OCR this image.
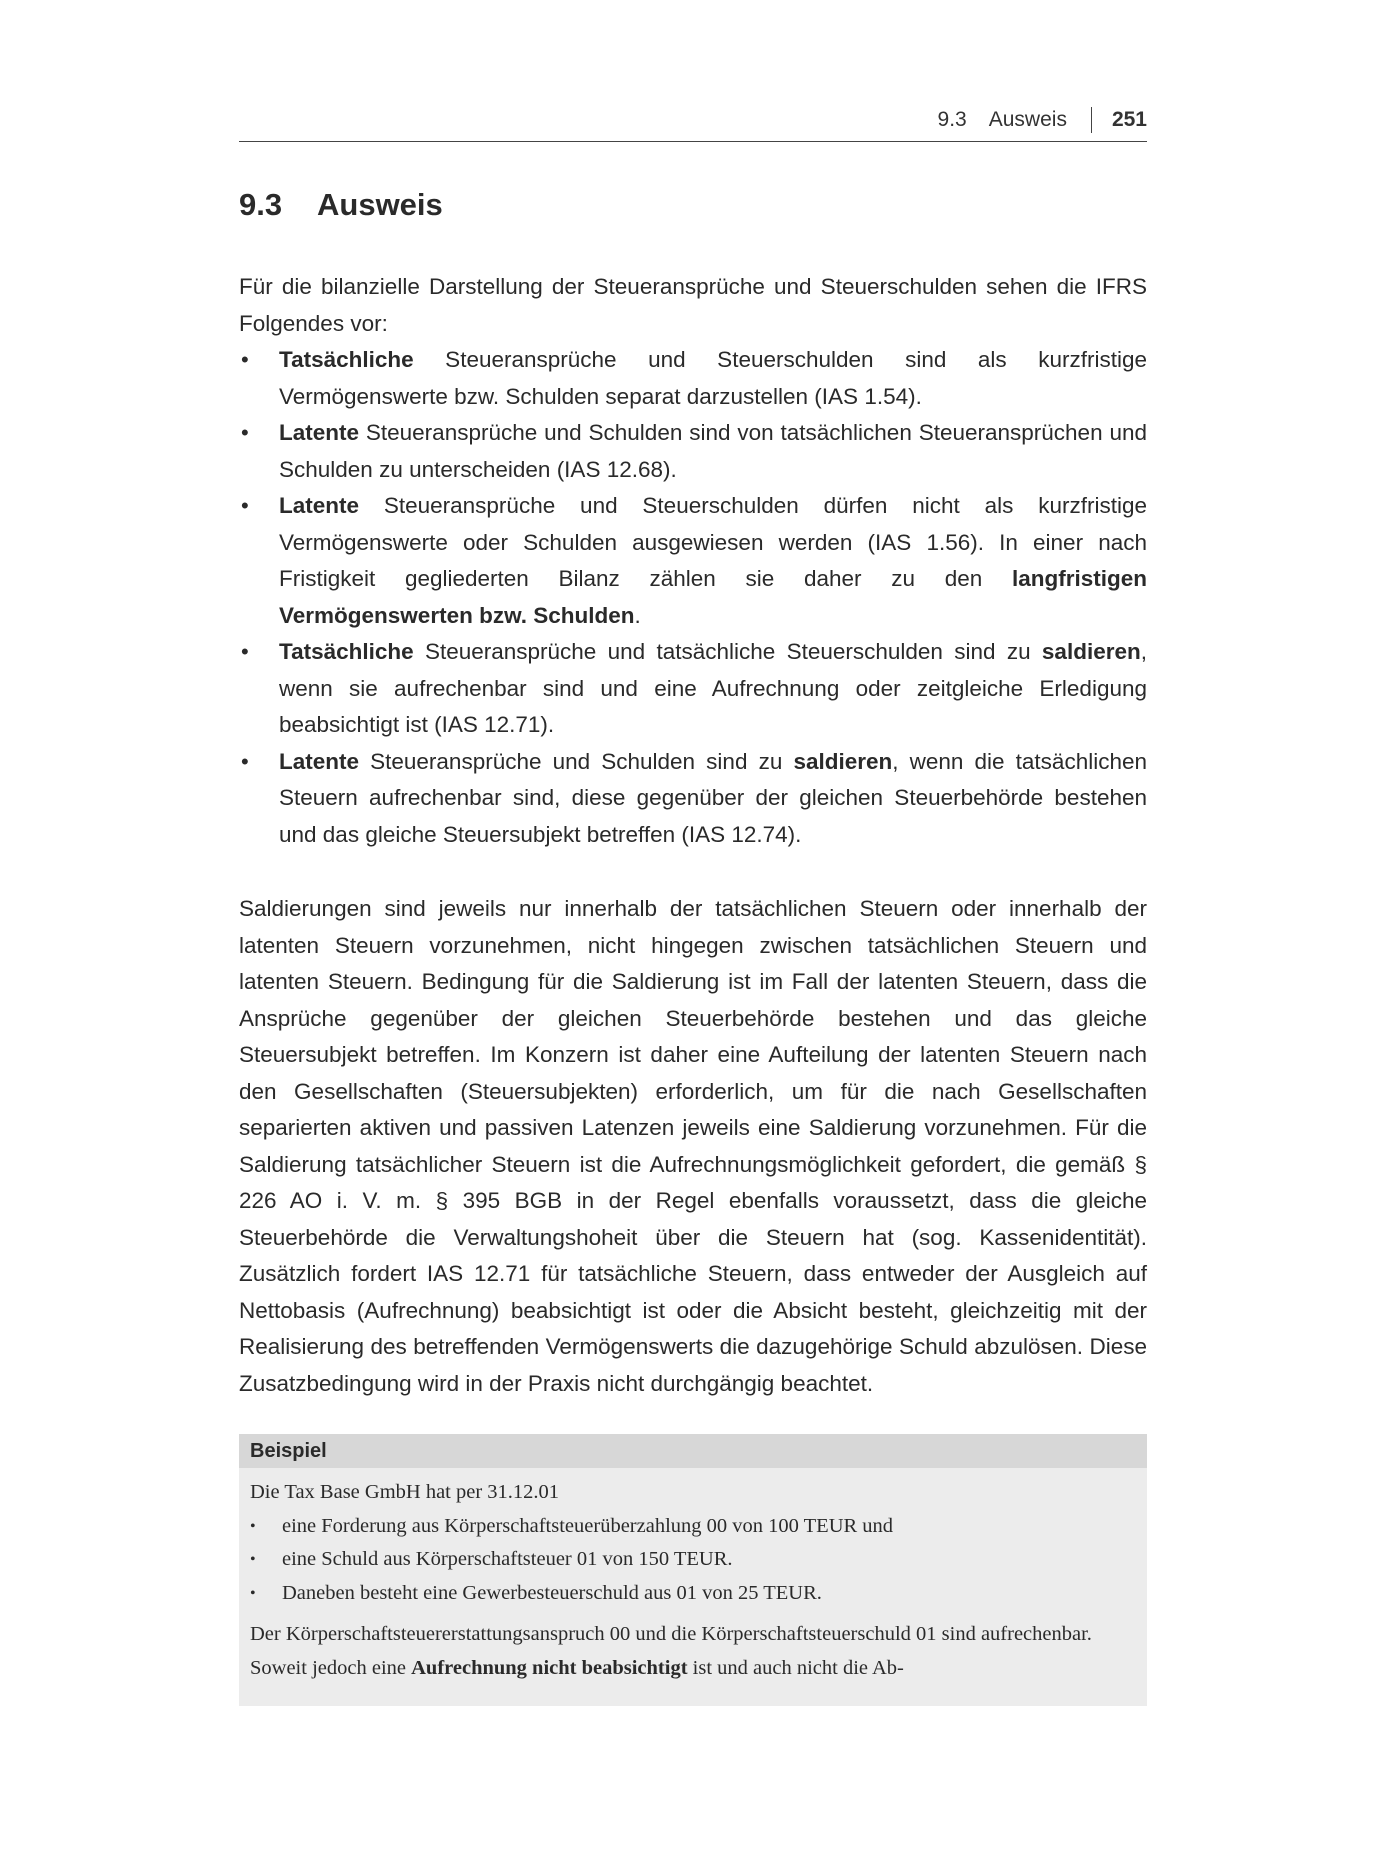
9.3 Ausweis 251
9.3 Ausweis

Für die bilanzielle Darstellung der Steueransprüche und Steuerschulden sehen die IFRS Folgendes vor:

• Tatsächliche Steueransprüche und Steuerschulden sind als kurzfristige Vermögenswerte bzw. Schulden separat darzustellen (IAS 1.54).
• Latente Steueransprüche und Schulden sind von tatsächlichen Steueransprüchen und Schulden zu unterscheiden (IAS 12.68).
• Latente Steueransprüche und Steuerschulden dürfen nicht als kurzfristige Vermögenswerte oder Schulden ausgewiesen werden (IAS 1.56). In einer nach Fristigkeit gegliederten Bilanz zählen sie daher zu den langfristigen Vermögenswerten bzw. Schulden.
• Tatsächliche Steueransprüche und tatsächliche Steuerschulden sind zu saldieren, wenn sie aufrechenbar sind und eine Aufrechnung oder zeitgleiche Erledigung beabsichtigt ist (IAS 12.71).
• Latente Steueransprüche und Schulden sind zu saldieren, wenn die tatsächlichen Steuern aufrechenbar sind, diese gegenüber der gleichen Steuerbehörde bestehen und das gleiche Steuersubjekt betreffen (IAS 12.74).

Saldierungen sind jeweils nur innerhalb der tatsächlichen Steuern oder innerhalb der latenten Steuern vorzunehmen, nicht hingegen zwischen tatsächlichen Steuern und latenten Steuern. Bedingung für die Saldierung ist im Fall der latenten Steuern, dass die Ansprüche gegenüber der gleichen Steuerbehörde bestehen und das gleiche Steuersubjekt betreffen. Im Konzern ist daher eine Aufteilung der latenten Steuern nach den Gesellschaften (Steuersubjekten) erforderlich, um für die nach Gesellschaften separierten aktiven und passiven Latenzen jeweils eine Saldierung vorzunehmen. Für die Saldierung tatsächlicher Steuern ist die Aufrechnungsmöglichkeit gefordert, die gemäß § 226 AO i. V. m. § 395 BGB in der Regel ebenfalls voraussetzt, dass die gleiche Steuerbehörde die Verwaltungshoheit über die Steuern hat (sog. Kassenidentität). Zusätzlich fordert IAS 12.71 für tatsächliche Steuern, dass entweder der Ausgleich auf Nettobasis (Aufrechnung) beabsichtigt ist oder die Absicht besteht, gleichzeitig mit der Realisierung des betreffenden Vermögenswerts die dazugehörige Schuld abzulösen. Diese Zusatzbedingung wird in der Praxis nicht durchgängig beachtet.

Beispiel

Die Tax Base GmbH hat per 31.12.01

• eine Forderung aus Körperschaftsteuerüberzahlung 00 von 100 TEUR und
• eine Schuld aus Körperschaftsteuer 01 von 150 TEUR.
• Daneben besteht eine Gewerbesteuerschuld aus 01 von 25 TEUR.

Der Körperschaftsteuererstattungsanspruch 00 und die Körperschaftsteuerschuld 01 sind aufrechenbar. Soweit jedoch eine Aufrechnung nicht beabsichtigt ist und auch nicht die Ab-
